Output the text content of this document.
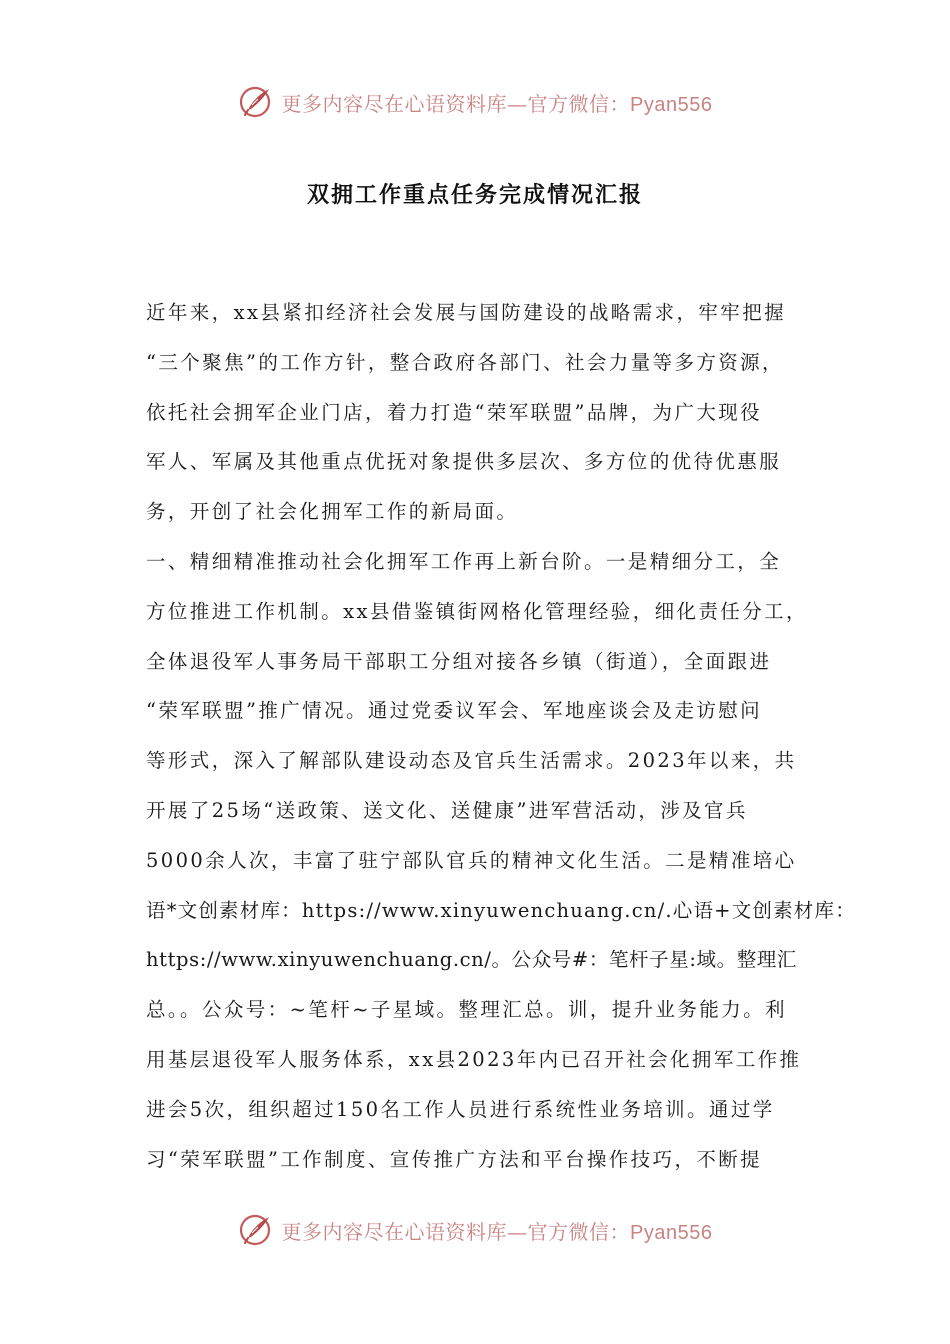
更多内容尽在心语资料库—官方微信：Pyan556
双拥工作重点任务完成情况汇报
近年来，xx县紧扣经济社会发展与国防建设的战略需求，牢牢把握
“三个聚焦”的工作方针，整合政府各部门、社会力量等多方资源，
依托社会拥军企业门店，着力打造“荣军联盟”品牌，为广大现役
军人、军属及其他重点优抚对象提供多层次、多方位的优待优惠服
务，开创了社会化拥军工作的新局面。
一、精细精准推动社会化拥军工作再上新台阶。一是精细分工，全
方位推进工作机制。xx县借鉴镇街网格化管理经验，细化责任分工，
全体退役军人事务局干部职工分组对接各乡镇（街道），全面跟进
“荣军联盟”推广情况。通过党委议军会、军地座谈会及走访慰问
等形式，深入了解部队建设动态及官兵生活需求。2023年以来，共
开展了25场“送政策、送文化、送健康”进军营活动，涉及官兵
5000余人次，丰富了驻宁部队官兵的精神文化生活。二是精准培心
语*文创素材库：https://www.xinyuwenchuang.cn/.心语+文创素材库：
https://www.xinyuwenchuang.cn/。公众号#：笔杆子星:域。整理汇
总。。公众号：~笔杆~子星域。整理汇总。训，提升业务能力。利
用基层退役军人服务体系，xx县2023年内已召开社会化拥军工作推
进会5次，组织超过150名工作人员进行系统性业务培训。通过学
习“荣军联盟”工作制度、宣传推广方法和平台操作技巧，不断提
更多内容尽在心语资料库—官方微信：Pyan556
